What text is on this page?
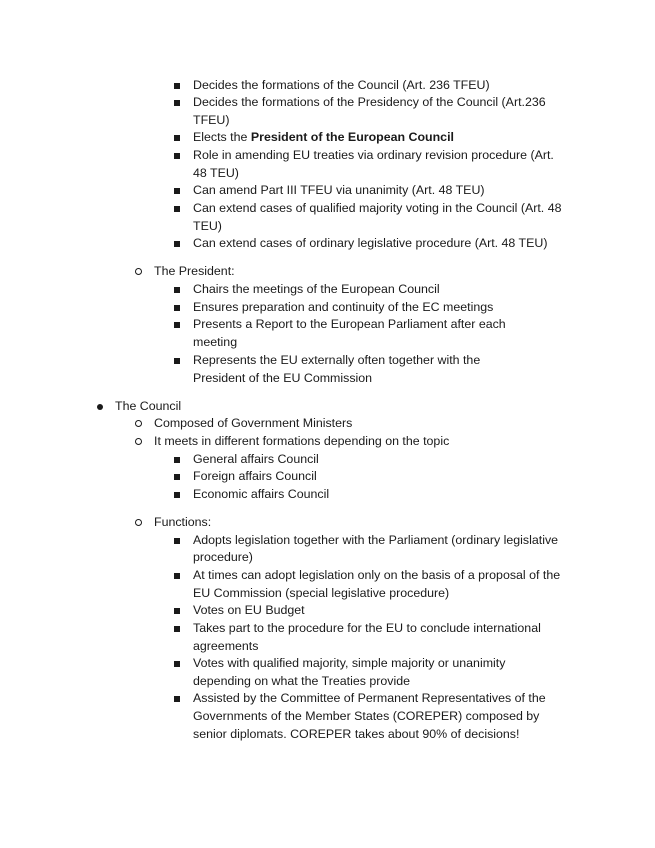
Decides the formations of the Council (Art. 236 TFEU)
Decides the formations of the Presidency of the Council (Art.236
TFEU)
Elects the President of the European Council
Role in amending EU treaties via ordinary revision procedure (Art.
48 TEU)
Can amend Part III TFEU via unanimity (Art. 48 TEU)
Can extend cases of qualified majority voting in the Council (Art. 48
TEU)
Can extend cases of ordinary legislative procedure (Art. 48 TEU)
The President:
Chairs the meetings of the European Council
Ensures preparation and continuity of the EC meetings
Presents a Report to the European Parliament after each
meeting
Represents the EU externally often together with the
President of the EU Commission
The Council
Composed of Government Ministers
It meets in different formations depending on the topic
General affairs Council
Foreign affairs Council
Economic affairs Council
Functions:
Adopts legislation together with the Parliament (ordinary legislative
procedure)
At times can adopt legislation only on the basis of a proposal of the
EU Commission (special legislative procedure)
Votes on EU Budget
Takes part to the procedure for the EU to conclude international
agreements
Votes with qualified majority, simple majority or unanimity
depending on what the Treaties provide
Assisted by the Committee of Permanent Representatives of the
Governments of the Member States (COREPER) composed by
senior diplomats. COREPER takes about 90% of decisions!
